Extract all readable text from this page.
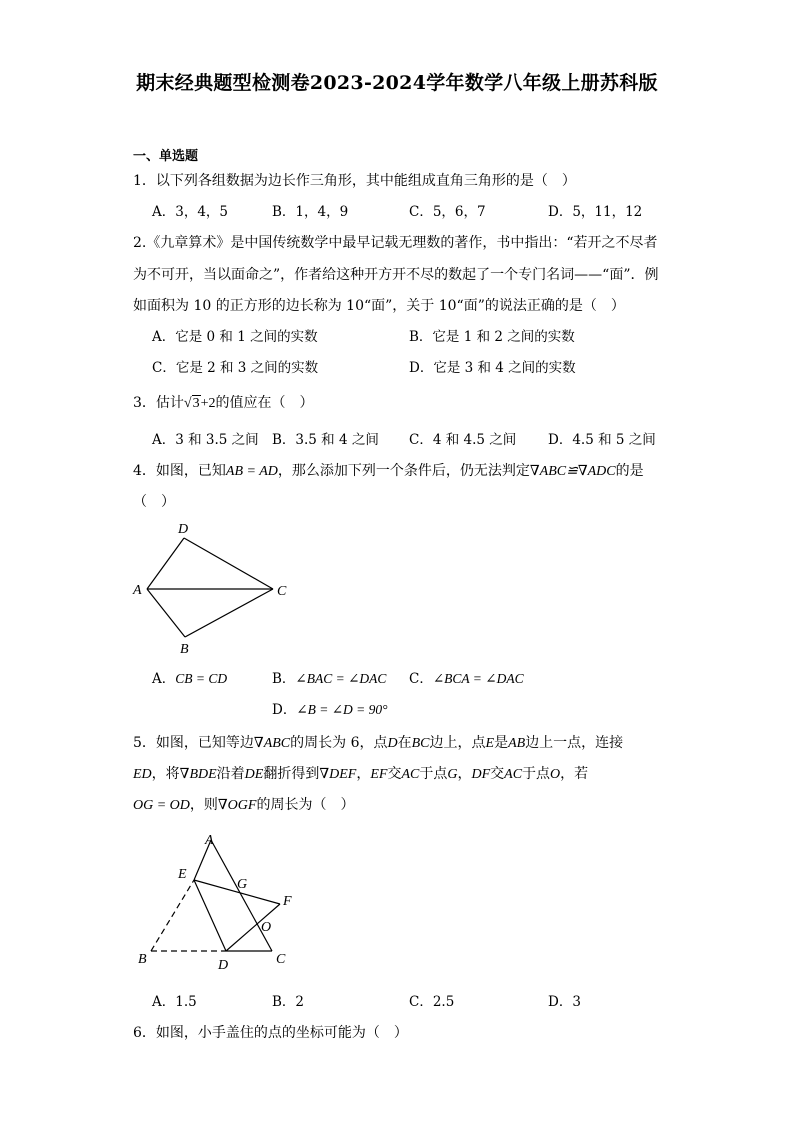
期末经典题型检测卷2023-2024学年数学八年级上册苏科版
一、单选题
1．以下列各组数据为边长作三角形，其中能组成直角三角形的是（　）
A．3，4，5	B．1，4，9	C．5，6，7	D．5，11，12
2.《九章算术》是中国传统数学中最早记载无理数的著作，书中指出：“若开之不尽者
为不可开，当以面命之”，作者给这种开方开不尽的数起了一个专门名词——“面”．例
如面积为 10 的正方形的边长称为 10“面”，关于 10“面”的说法正确的是（　）
A．它是 0 和 1 之间的实数	B．它是 1 和 2 之间的实数
C．它是 2 和 3 之间的实数	D．它是 3 和 4 之间的实数
3．估计√3+2的值应在（　）
A．3 和 3.5 之间 B．3.5 和 4 之间 C．4 和 4.5 之间 D．4.5 和 5 之间
4．如图，已知AB = AD，那么添加下列一个条件后，仍无法判定∇ABC≌∇ADC的是
（　）
D
A	C
B
A．CB = CD	B．∠BAC = ∠DAC C．∠BCA = ∠DAC
D．∠B = ∠D = 90°
5．如图，已知等边∇ABC的周长为 6，点D在BC边上，点E是AB边上一点，连接
ED，将∇BDE沿着DE翻折得到∇DEF，EF交AC于点G，DF交AC于点O，若
OG = OD，则∇OGF的周长为（　）
A
E
G
F
O
B	D	C
A．1.5	B．2	C．2.5	D．3
6．如图，小手盖住的点的坐标可能为（　）
